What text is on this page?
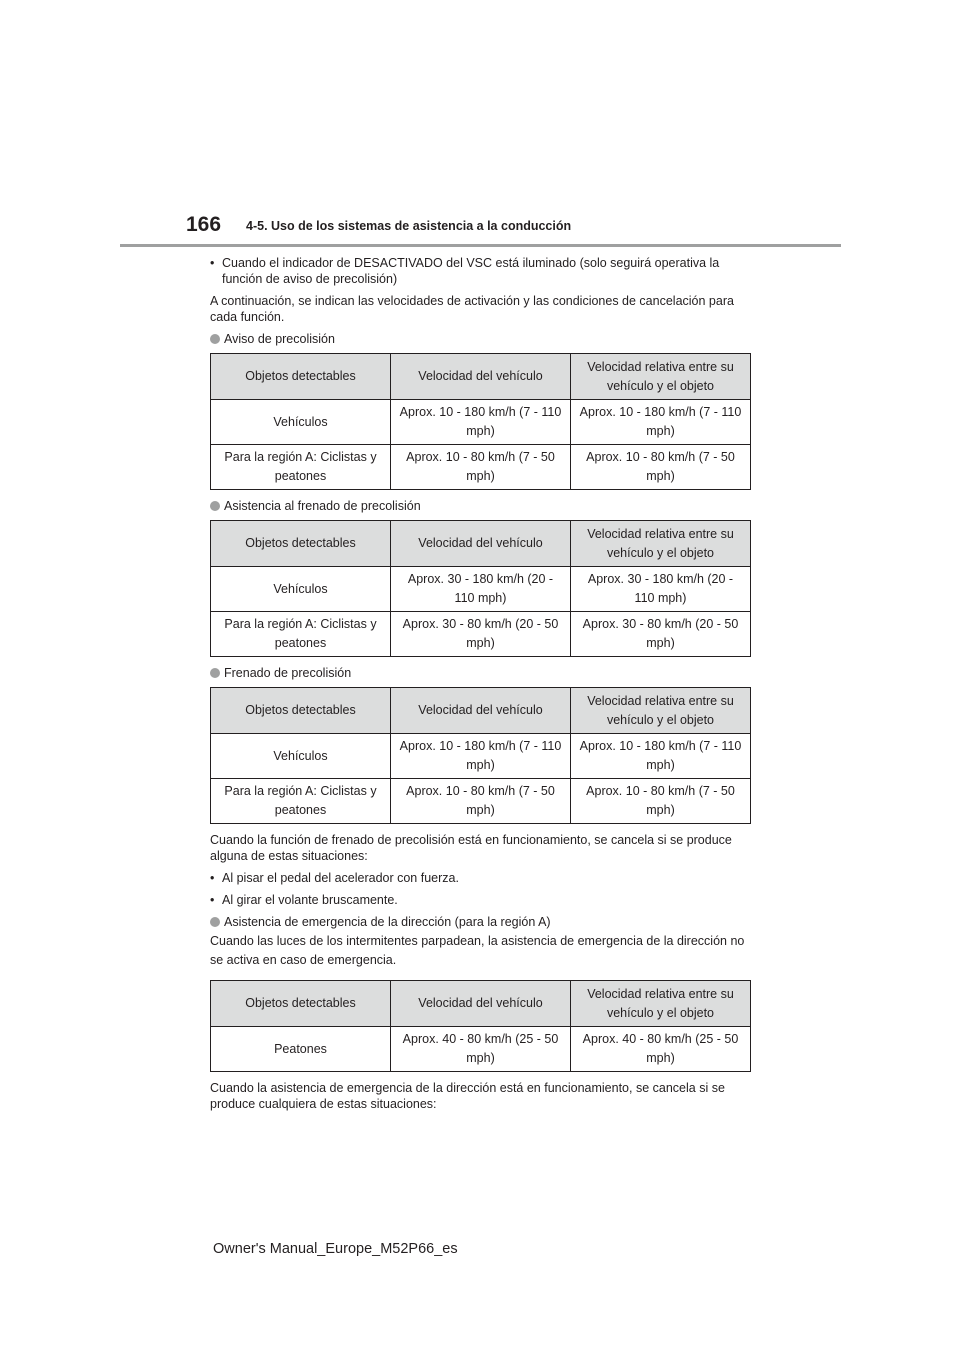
166 4-5. Uso de los sistemas de asistencia a la conducción
• Cuando el indicador de DESACTIVADO del VSC está iluminado (solo seguirá operativa la función de aviso de precolisión)

A continuación, se indican las velocidades de activación y las condiciones de cancelación para cada función.

Aviso de precolisión
Objetos detectables	Velocidad del vehículo	Velocidad relativa entre su vehículo y el objeto
Vehículos	Aprox. 10 - 180 km/h (7 - 110 mph)	Aprox. 10 - 180 km/h (7 - 110 mph)
Para la región A: Ciclistas y peatones	Aprox. 10 - 80 km/h (7 - 50 mph)	Aprox. 10 - 80 km/h (7 - 50 mph)
Asistencia al frenado de precolisión
Objetos detectables	Velocidad del vehículo	Velocidad relativa entre su vehículo y el objeto
Vehículos	Aprox. 30 - 180 km/h (20 - 110 mph)	Aprox. 30 - 180 km/h (20 - 110 mph)
Para la región A: Ciclistas y peatones	Aprox. 30 - 80 km/h (20 - 50 mph)	Aprox. 30 - 80 km/h (20 - 50 mph)
Frenado de precolisión
Objetos detectables	Velocidad del vehículo	Velocidad relativa entre su vehículo y el objeto
Vehículos	Aprox. 10 - 180 km/h (7 - 110 mph)	Aprox. 10 - 180 km/h (7 - 110 mph)
Para la región A: Ciclistas y peatones	Aprox. 10 - 80 km/h (7 - 50 mph)	Aprox. 10 - 80 km/h (7 - 50 mph)

Cuando la función de frenado de precolisión está en funcionamiento, se cancela si se produce alguna de estas situaciones:

• Al pisar el pedal del acelerador con fuerza.
• Al girar el volante bruscamente.
Asistencia de emergencia de la dirección (para la región A)

Cuando las luces de los intermitentes parpadean, la asistencia de emergencia de la dirección no se activa en caso de emergencia.

Objetos detectables	Velocidad del vehículo	Velocidad relativa entre su vehículo y el objeto
Peatones	Aprox. 40 - 80 km/h (25 - 50 mph)	Aprox. 40 - 80 km/h (25 - 50 mph)

Cuando la asistencia de emergencia de la dirección está en funcionamiento, se cancela si se produce cualquiera de estas situaciones:

Owner's Manual_Europe_M52P66_es
